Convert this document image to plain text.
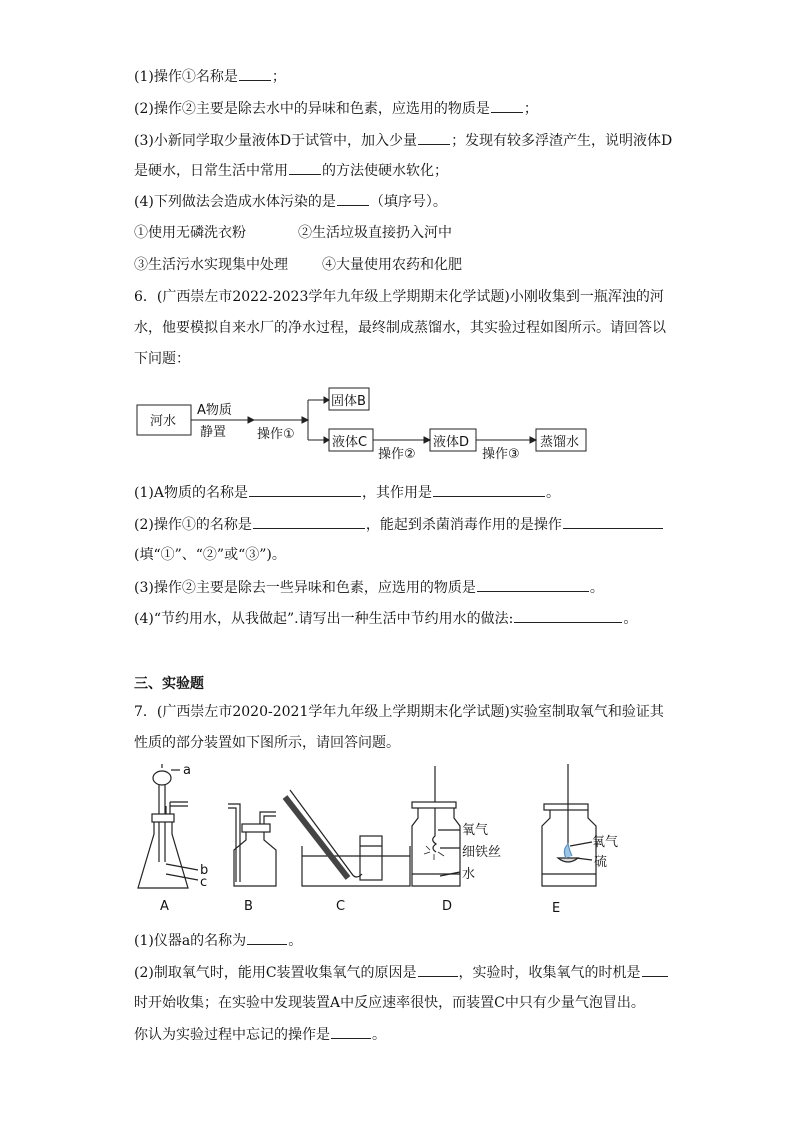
(1)操作①名称是 ；
(2)操作②主要是除去水中的异味和色素，应选用的物质是 ；
(3)小新同学取少量液体D于试管中，加入少量 ；发现有较多浮渣产生，说明液体D
是硬水，日常生活中常用 的方法使硬水软化；
(4)下列做法会造成水体污染的是 （填序号）。
①使用无磷洗衣粉	②生活垃圾直接扔入河中
③生活污水实现集中处理 ④大量使用农药和化肥
6．(广西崇左市2022-2023学年九年级上学期期末化学试题)小刚收集到一瓶浑浊的河
水，他要模拟自来水厂的净水过程，最终制成蒸馏水，其实验过程如图所示。请回答以
下问题：
河水
A物质
静置 操作①
固体B
液体C
操作②
液体D
操作③
蒸馏水
(1)A物质的名称是	，其作用是	。
(2)操作①的名称是	，能起到杀菌消毒作用的是操作
(填“①”、“②”或“③”)。
(3)操作②主要是除去一些异味和色素，应选用的物质是	。
(4)“节约用水，从我做起”.请写出一种生活中节约用水的做法:	。
三、实验题
7．(广西崇左市2020-2021学年九年级上学期期末化学试题)实验室制取氧气和验证其
性质的部分装置如下图所示，请回答问题。
a
b
c
A	B	C	D	E
氧气
细铁丝
水
氧气
硫
(1)仪器a的名称为	。
(2)制取氧气时，能用C装置收集氧气的原因是	，实验时，收集氧气的时机是
时开始收集；在实验中发现装置A中反应速率很快，而装置C中只有少量气泡冒出。
你认为实验过程中忘记的操作是	。
